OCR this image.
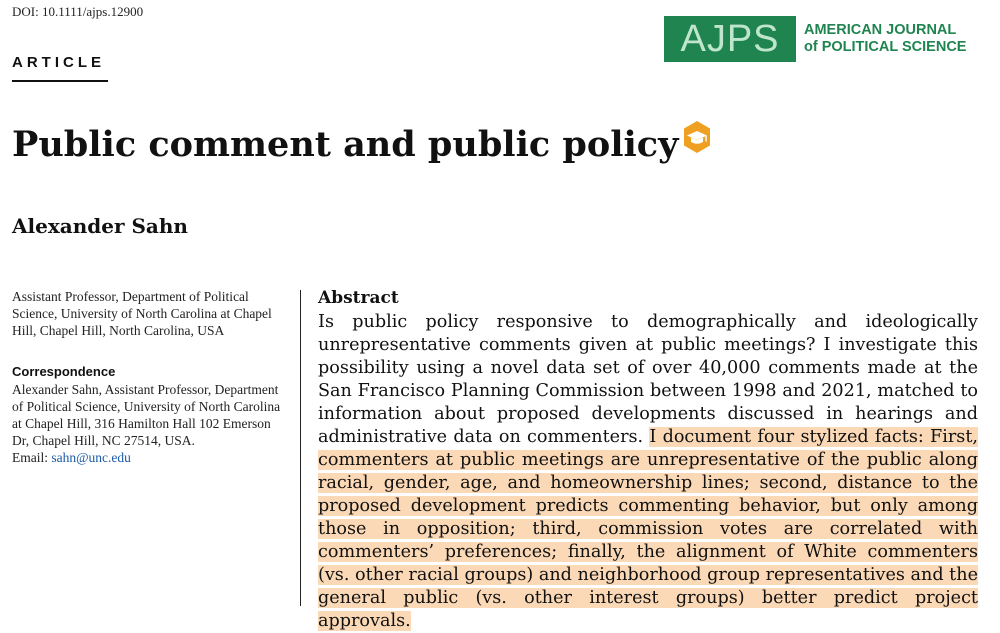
DOI: 10.1111/ajps.12900
ARTICLE
AJPS	AMERICAN JOURNAL
of POLITICAL SCIENCE
Public comment and public policy
Alexander Sahn
Assistant Professor, Department of Political Science, University of North Carolina at Chapel Hill, Chapel Hill, North Carolina, USA
Correspondence
Alexander Sahn, Assistant Professor, Department of Political Science, University of North Carolina at Chapel Hill, 316 Hamilton Hall 102 Emerson Dr, Chapel Hill, NC 27514, USA.
Email: sahn@unc.edu
Abstract
Is public policy responsive to demographically and ideologically unrepresentative comments given at public meetings? I investigate this possibility using a novel data set of over 40,000 comments made at the San Francisco Planning Commission between 1998 and 2021, matched to information about proposed developments discussed in hearings and administrative data on commenters. I document four stylized facts: First, commenters at public meetings are unrepresentative of the public along racial, gender, age, and homeownership lines; second, distance to the proposed development predicts commenting behavior, but only among those in opposition; third, commission votes are correlated with commenters’ preferences; finally, the alignment of White commenters (vs. other racial groups) and neighborhood group representatives and the general public (vs. other interest groups) better predict project approvals.
